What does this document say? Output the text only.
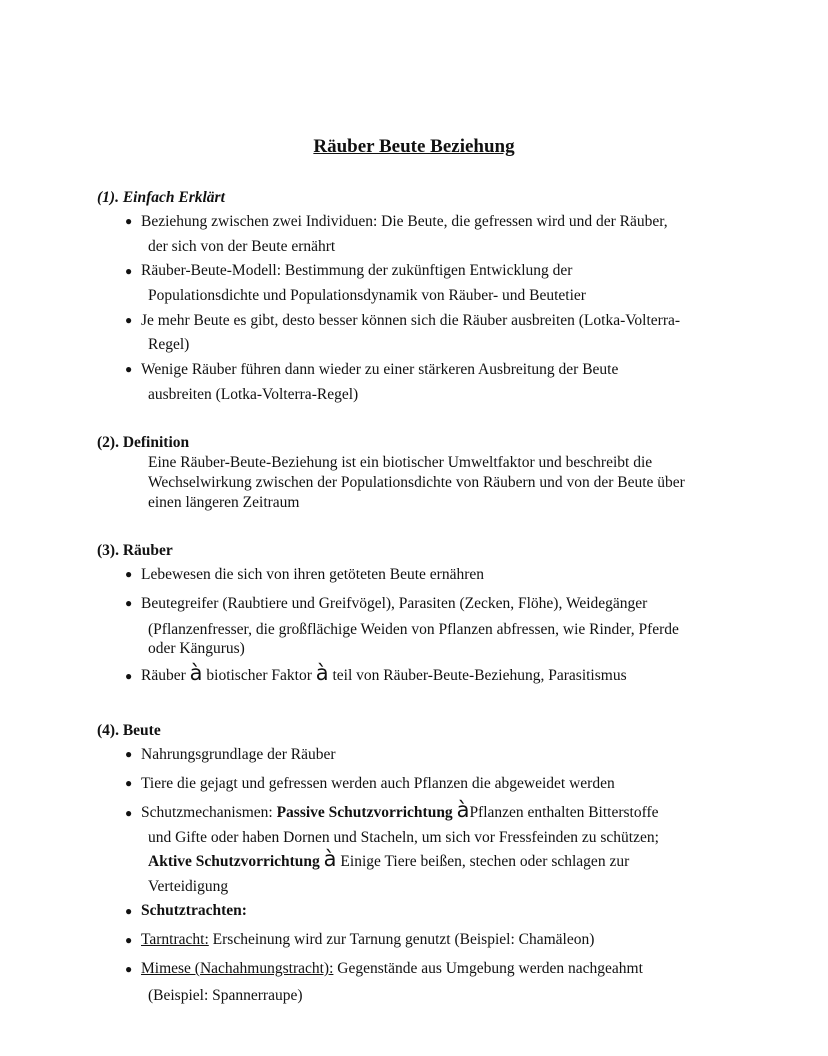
Räuber Beute Beziehung
(1). Einfach Erklärt
● Beziehung zwischen zwei Individuen: Die Beute, die gefressen wird und der Räuber,
der sich von der Beute ernährt
● Räuber-Beute-Modell: Bestimmung der zukünftigen Entwicklung der
Populationsdichte und Populationsdynamik von Räuber- und Beutetier
● Je mehr Beute es gibt, desto besser können sich die Räuber ausbreiten (Lotka-Volterra-
Regel)
● Wenige Räuber führen dann wieder zu einer stärkeren Ausbreitung der Beute
ausbreiten (Lotka-Volterra-Regel)
(2). Definition
Eine Räuber-Beute-Beziehung ist ein biotischer Umweltfaktor und beschreibt die
Wechselwirkung zwischen der Populationsdichte von Räubern und von der Beute über
einen längeren Zeitraum
(3). Räuber
● Lebewesen die sich von ihren getöteten Beute ernähren
● Beutegreifer (Raubtiere und Greifvögel), Parasiten (Zecken, Flöhe), Weidegänger
(Pflanzenfresser, die großflächige Weiden von Pflanzen abfressen, wie Rinder, Pferde
oder Kängurus)
● Räuber à biotischer Faktor à teil von Räuber-Beute-Beziehung, Parasitismus
(4). Beute
● Nahrungsgrundlage der Räuber
● Tiere die gejagt und gefressen werden auch Pflanzen die abgeweidet werden
● Schutzmechanismen: Passive Schutzvorrichtung àPflanzen enthalten Bitterstoffe
und Gifte oder haben Dornen und Stacheln, um sich vor Fressfeinden zu schützen;
Aktive Schutzvorrichtung à Einige Tiere beißen, stechen oder schlagen zur
Verteidigung
● Schutztrachten:
● Tarntracht: Erscheinung wird zur Tarnung genutzt (Beispiel: Chamäleon)
● Mimese (Nachahmungstracht): Gegenstände aus Umgebung werden nachgeahmt
(Beispiel: Spannerraupe)
